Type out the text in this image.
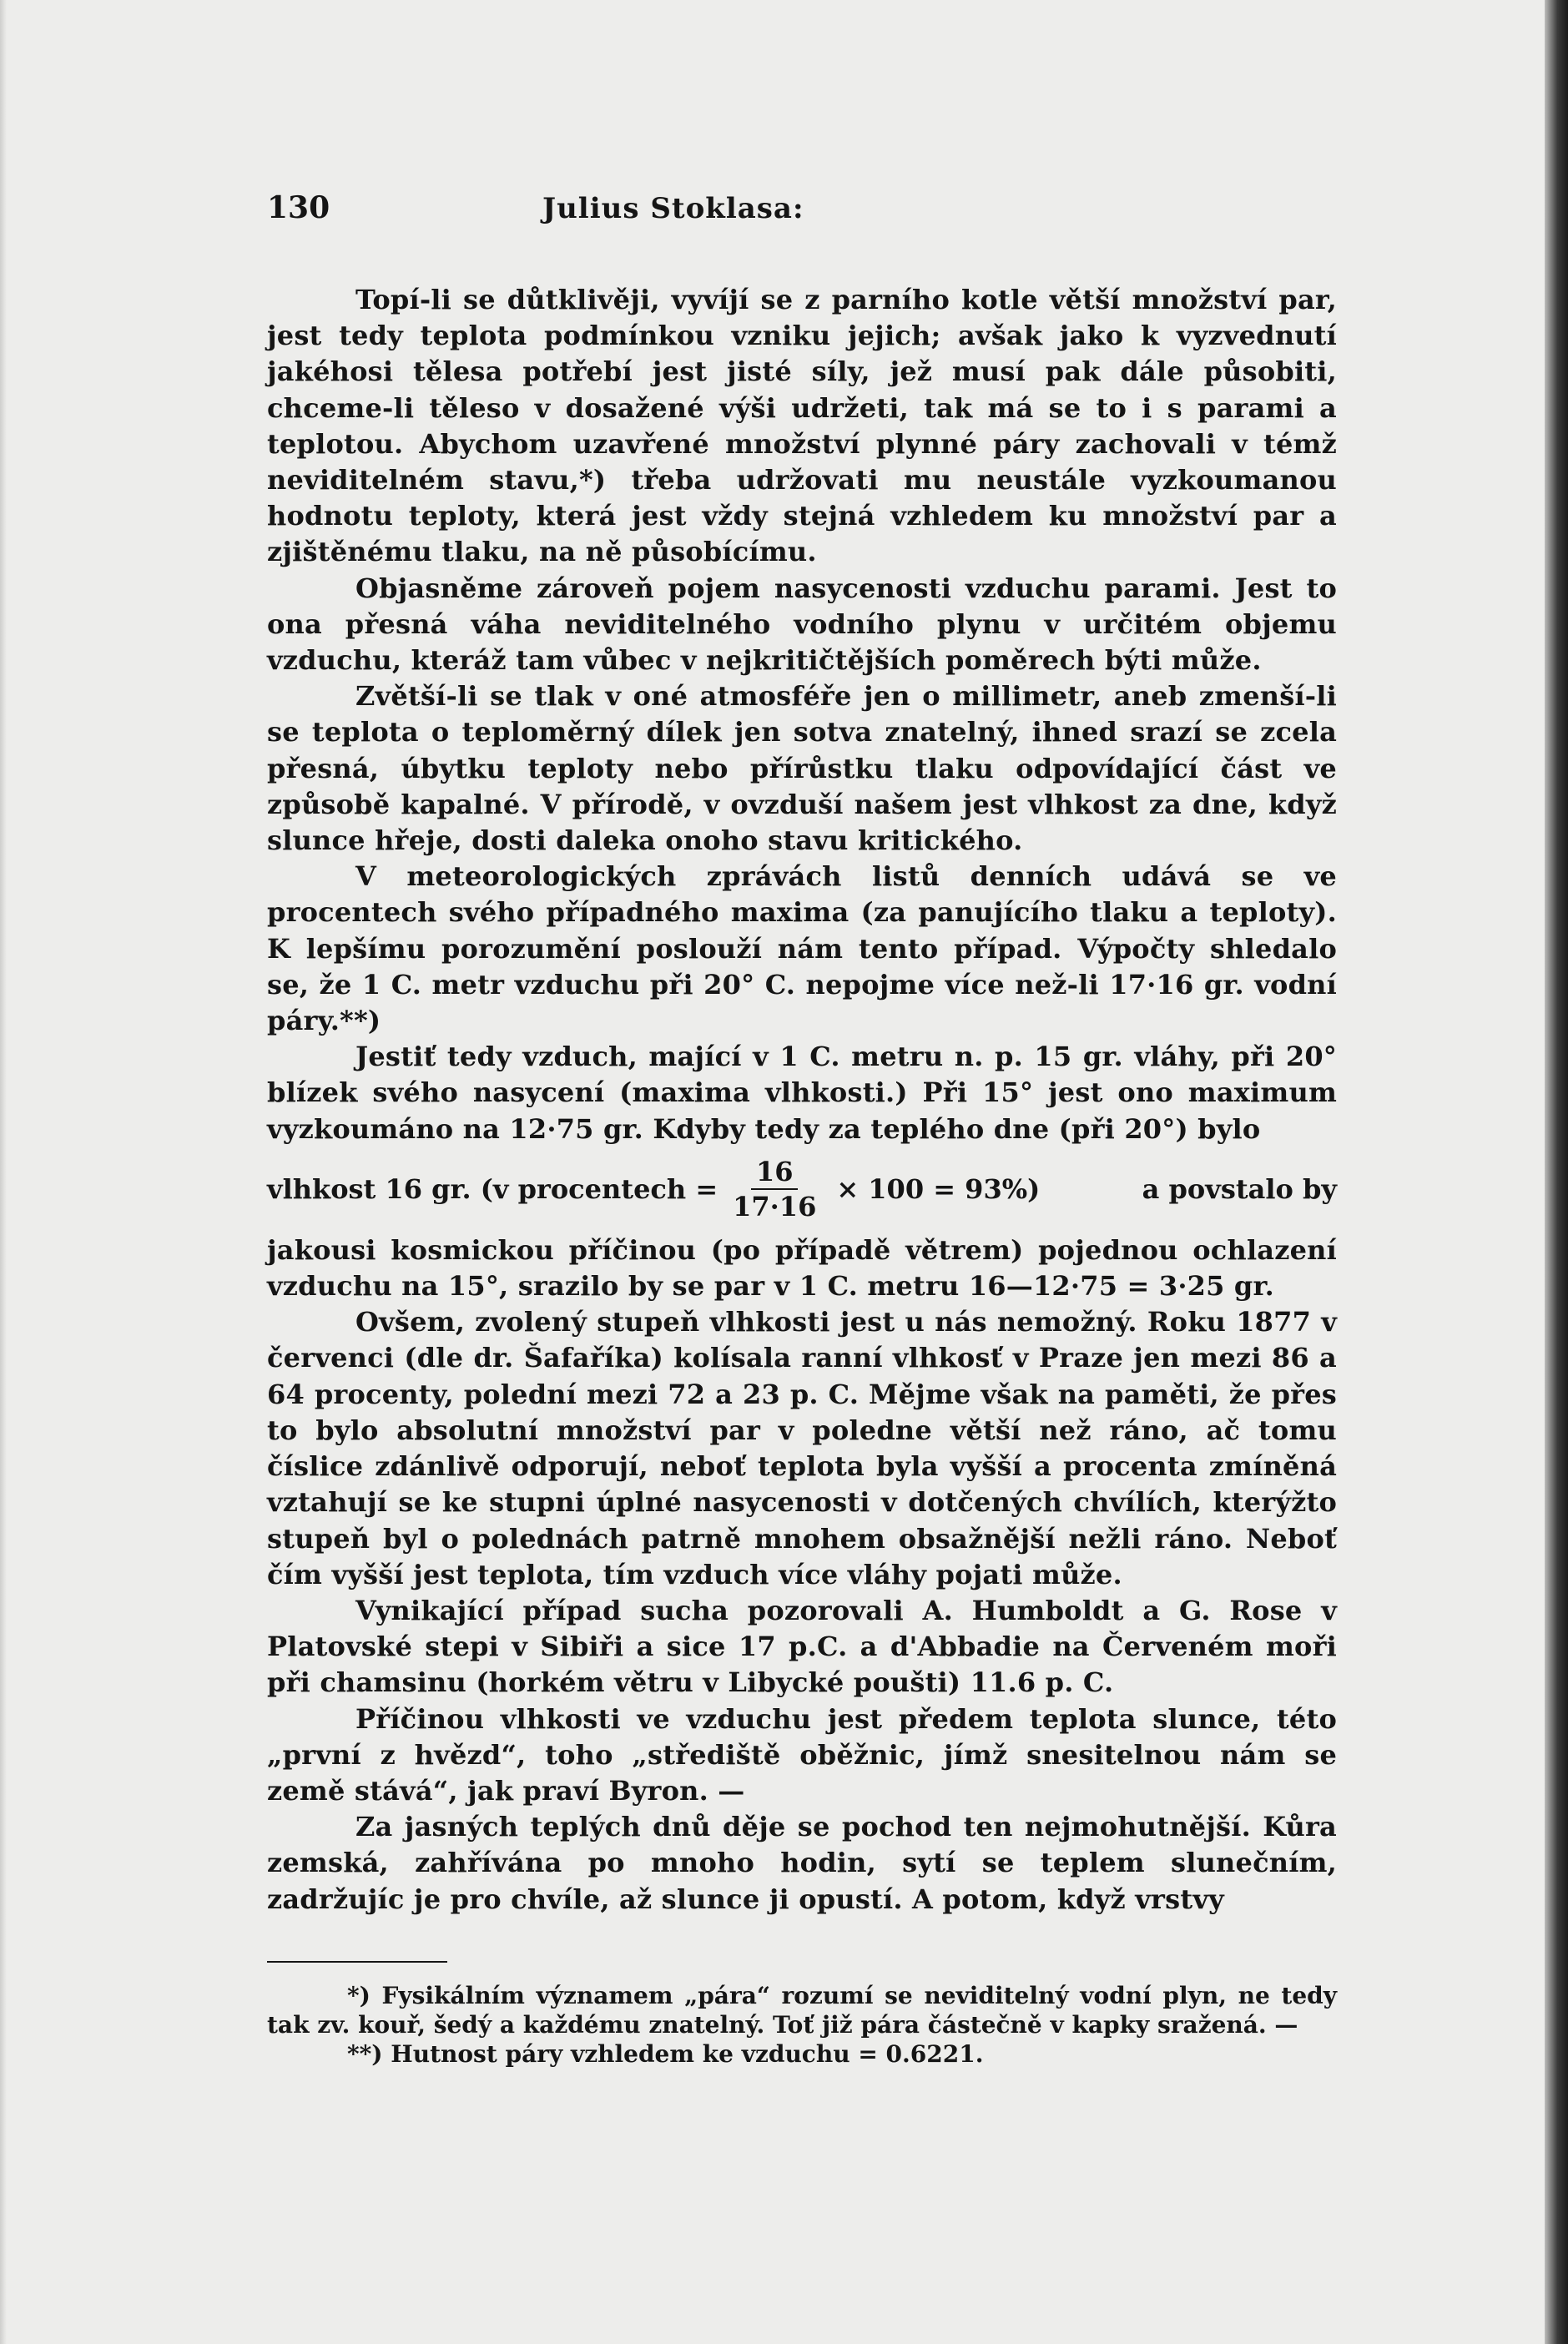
130	Julius Stoklasa:

Topí-li se důtklivěji, vyvíjí se z parního kotle větší množství par, jest tedy teplota podmínkou vzniku jejich; avšak jako k vyzvednutí jakéhosi tělesa potřebí jest jisté síly, jež musí pak dále působiti, chceme-li těleso v dosažené výši udržeti, tak má se to i s parami a teplotou. Abychom uzavřené množství plynné páry zachovali v témž neviditelném stavu,*) třeba udržovati mu neustále vyzkoumanou hodnotu teploty, která jest vždy stejná vzhledem ku množství par a zjištěnému tlaku, na ně působícímu.

Objasněme zároveň pojem nasycenosti vzduchu parami. Jest to ona přesná váha neviditelného vodního plynu v určitém objemu vzduchu, kteráž tam vůbec v nejkritičtějších poměrech býti může.

Zvětší-li se tlak v oné atmosféře jen o millimetr, aneb zmenší-li se teplota o teploměrný dílek jen sotva znatelný, ihned srazí se zcela přesná, úbytku teploty nebo přírůstku tlaku odpovídající část ve způsobě kapalné. V přírodě, v ovzduší našem jest vlhkost za dne, když slunce hřeje, dosti daleka onoho stavu kritického.

V meteorologických zprávách listů denních udává se ve procentech svého případného maxima (za panujícího tlaku a teploty). K lepšímu porozumění poslouží nám tento případ. Výpočty shledalo se, že 1 C. metr vzduchu při 20° C. nepojme více než-li 17·16 gr. vodní páry.**)

Jestiť tedy vzduch, mající v 1 C. metru n. p. 15 gr. vláhy, při 20° blízek svého nasycení (maxima vlhkosti.) Při 15° jest ono maximum vyzkoumáno na 12·75 gr. Kdyby tedy za teplého dne (při 20°) bylo

vlhkost 16 gr. (v procentech = $\frac{16}{17\cdot 16} \times 100 = 93\%$)	a povstalo by

jakousi kosmickou příčinou (po případě větrem) pojednou ochlazení vzduchu na 15°, srazilo by se par v 1 C. metru 16—12·75 = 3·25 gr.

Ovšem, zvolený stupeň vlhkosti jest u nás nemožný. Roku 1877 v červenci (dle dr. Šafaříka) kolísala ranní vlhkosť v Praze jen mezi 86 a 64 procenty, polední mezi 72 a 23 p. C. Mějme však na paměti, že přes to bylo absolutní množství par v poledne větší než ráno, ač tomu číslice zdánlivě odporují, neboť teplota byla vyšší a procenta zmíněná vztahují se ke stupni úplné nasycenosti v dotčených chvílích, kterýžto stupeň byl o polednách patrně mnohem obsažnější nežli ráno. Neboť čím vyšší jest teplota, tím vzduch více vláhy pojati může.

Vynikající případ sucha pozorovali A. Humboldt a G. Rose v Platovské stepi v Sibiři a sice 17 p.C. a d'Abbadie na Červeném moři při chamsinu (horkém větru v Libycké poušti) 11.6 p. C.

Příčinou vlhkosti ve vzduchu jest předem teplota slunce, této „první z hvězd“, toho „střediště oběžnic, jímž snesitelnou nám se země stává“, jak praví Byron. —

Za jasných teplých dnů děje se pochod ten nejmohutnější. Kůra zemská, zahřívána po mnoho hodin, sytí se teplem slunečním, zadržujíc je pro chvíle, až slunce ji opustí. A potom, když vrstvy

*) Fysikálním významem „pára“ rozumí se neviditelný vodní plyn, ne tedy tak zv. kouř, šedý a každému znatelný. Toť již pára částečně v kapky sražená. —

**) Hutnost páry vzhledem ke vzduchu = 0.6221.
